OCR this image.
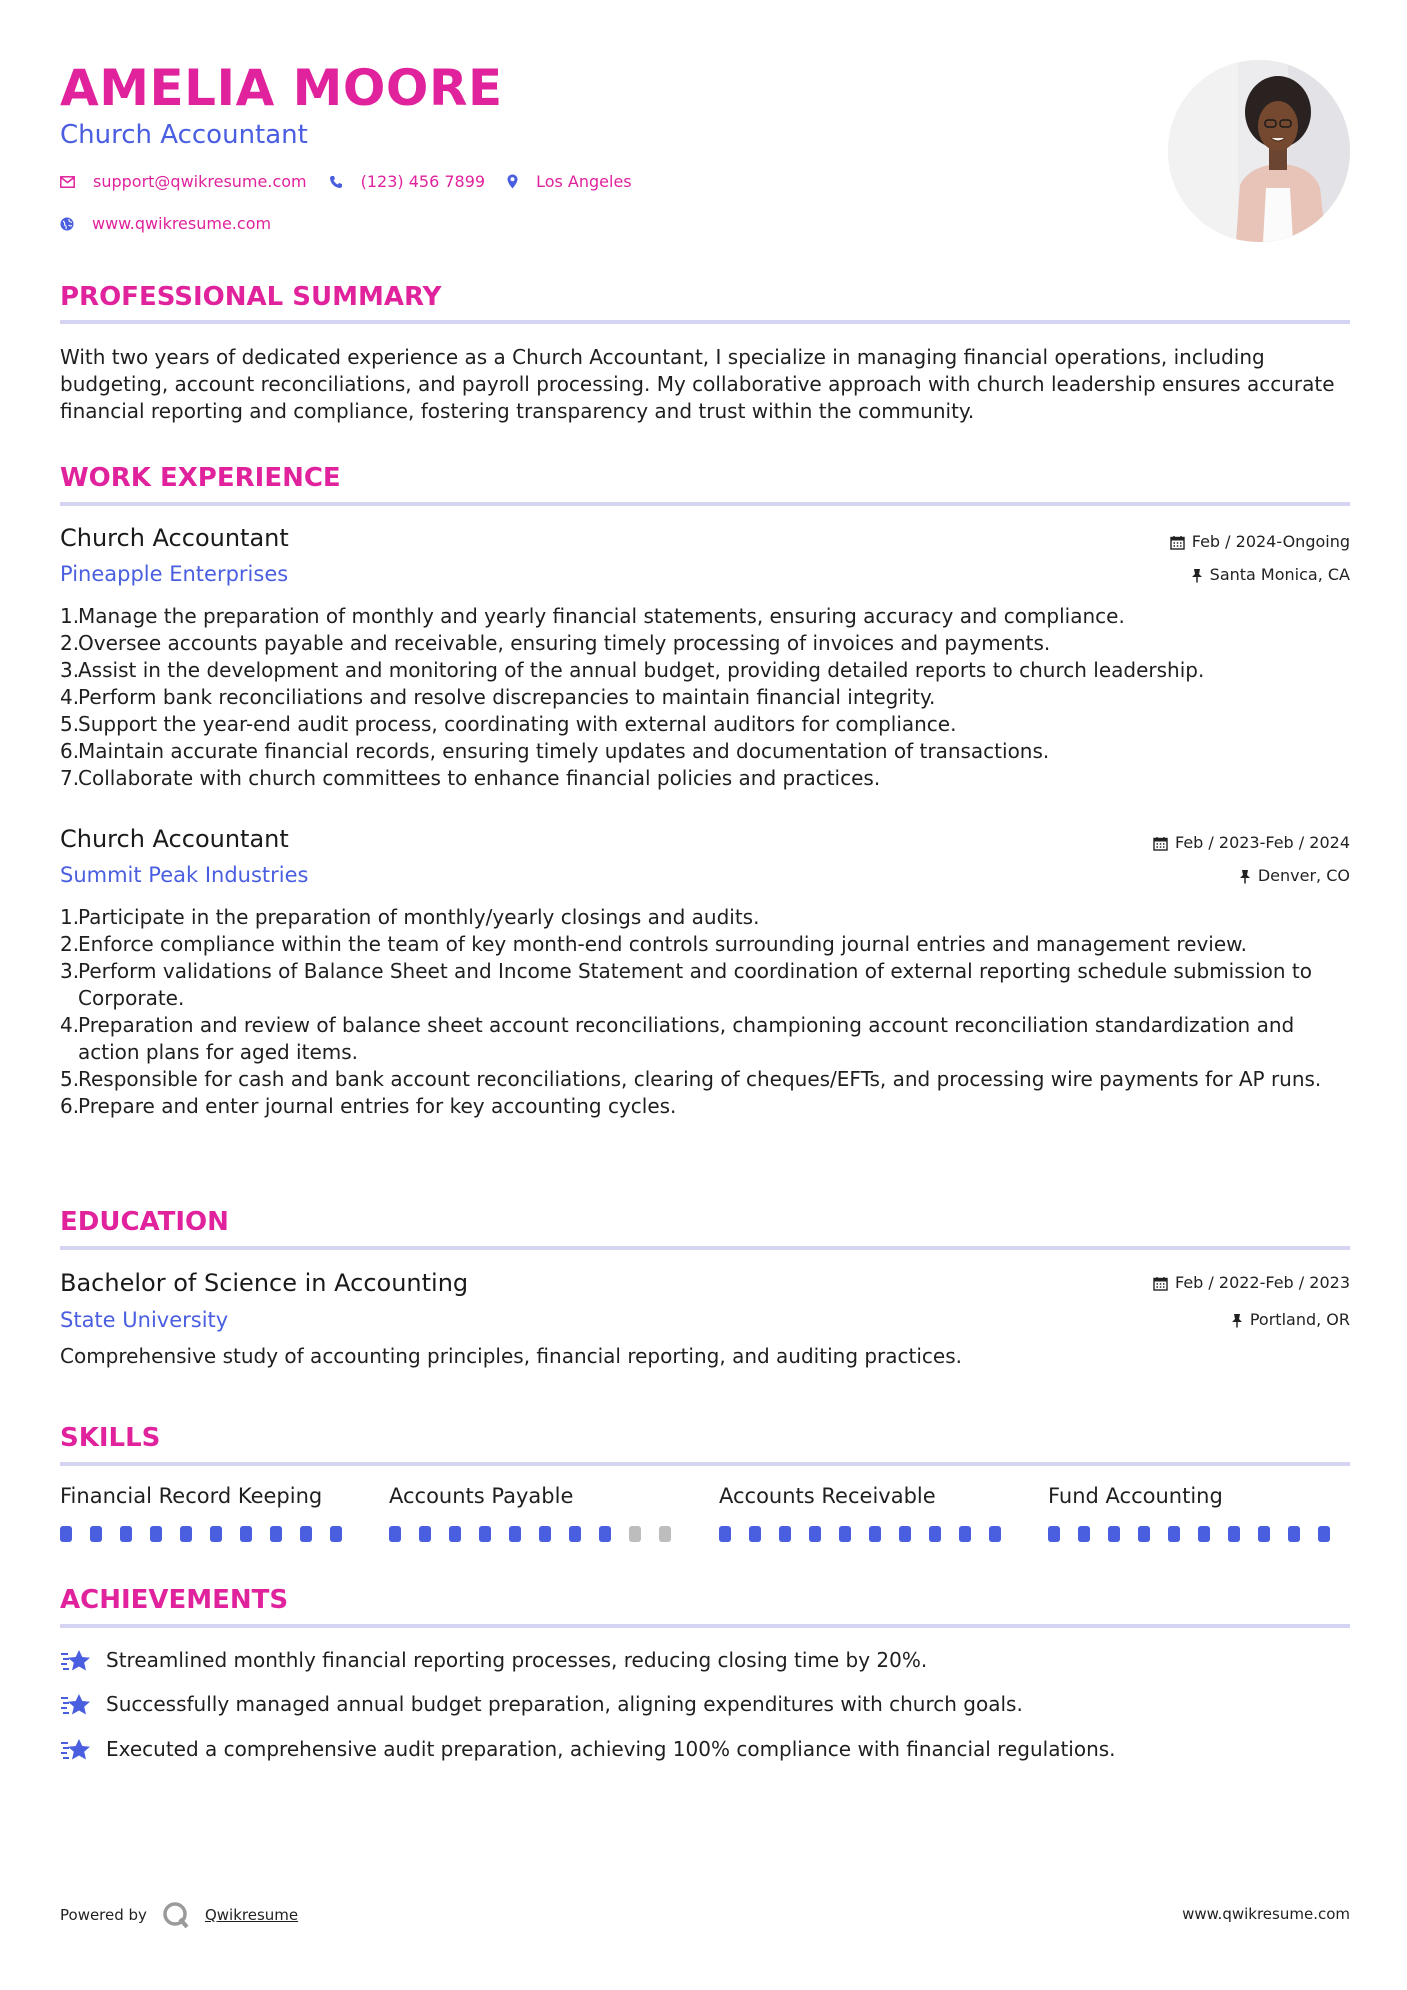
AMELIA MOORE
Church Accountant
support@qwikresume.com	(123) 456 7899	Los Angeles
www.qwikresume.com
PROFESSIONAL SUMMARY
With two years of dedicated experience as a Church Accountant, I specialize in managing financial operations, including budgeting, account reconciliations, and payroll processing. My collaborative approach with church leadership ensures accurate financial reporting and compliance, fostering transparency and trust within the community.
WORK EXPERIENCE
Church Accountant	Feb / 2024-Ongoing
Pineapple Enterprises	Santa Monica, CA
1.
Manage the preparation of monthly and yearly financial statements, ensuring accuracy and compliance.
2.
Oversee accounts payable and receivable, ensuring timely processing of invoices and payments.
3.
Assist in the development and monitoring of the annual budget, providing detailed reports to church leadership.
4.
Perform bank reconciliations and resolve discrepancies to maintain financial integrity.
5.
Support the year-end audit process, coordinating with external auditors for compliance.
6.
Maintain accurate financial records, ensuring timely updates and documentation of transactions.
7.
Collaborate with church committees to enhance financial policies and practices.
Church Accountant	Feb / 2023-Feb / 2024
Summit Peak Industries	Denver, CO
1.
Participate in the preparation of monthly/yearly closings and audits.
2.
Enforce compliance within the team of key month-end controls surrounding journal entries and management review.
3.
Perform validations of Balance Sheet and Income Statement and coordination of external reporting schedule submission to Corporate.
4.
Preparation and review of balance sheet account reconciliations, championing account reconciliation standardization and action plans for aged items.
5.
Responsible for cash and bank account reconciliations, clearing of cheques/EFTs, and processing wire payments for AP runs.
6.
Prepare and enter journal entries for key accounting cycles.
EDUCATION
Bachelor of Science in Accounting	Feb / 2022-Feb / 2023
State University	Portland, OR
Comprehensive study of accounting principles, financial reporting, and auditing practices.
SKILLS
Financial Record Keeping	Accounts Payable	Accounts Receivable	Fund Accounting
ACHIEVEMENTS
Streamlined monthly financial reporting processes, reducing closing time by 20%.
Successfully managed annual budget preparation, aligning expenditures with church goals.
Executed a comprehensive audit preparation, achieving 100% compliance with financial regulations.
Powered by	Qwikresume	www.qwikresume.com
